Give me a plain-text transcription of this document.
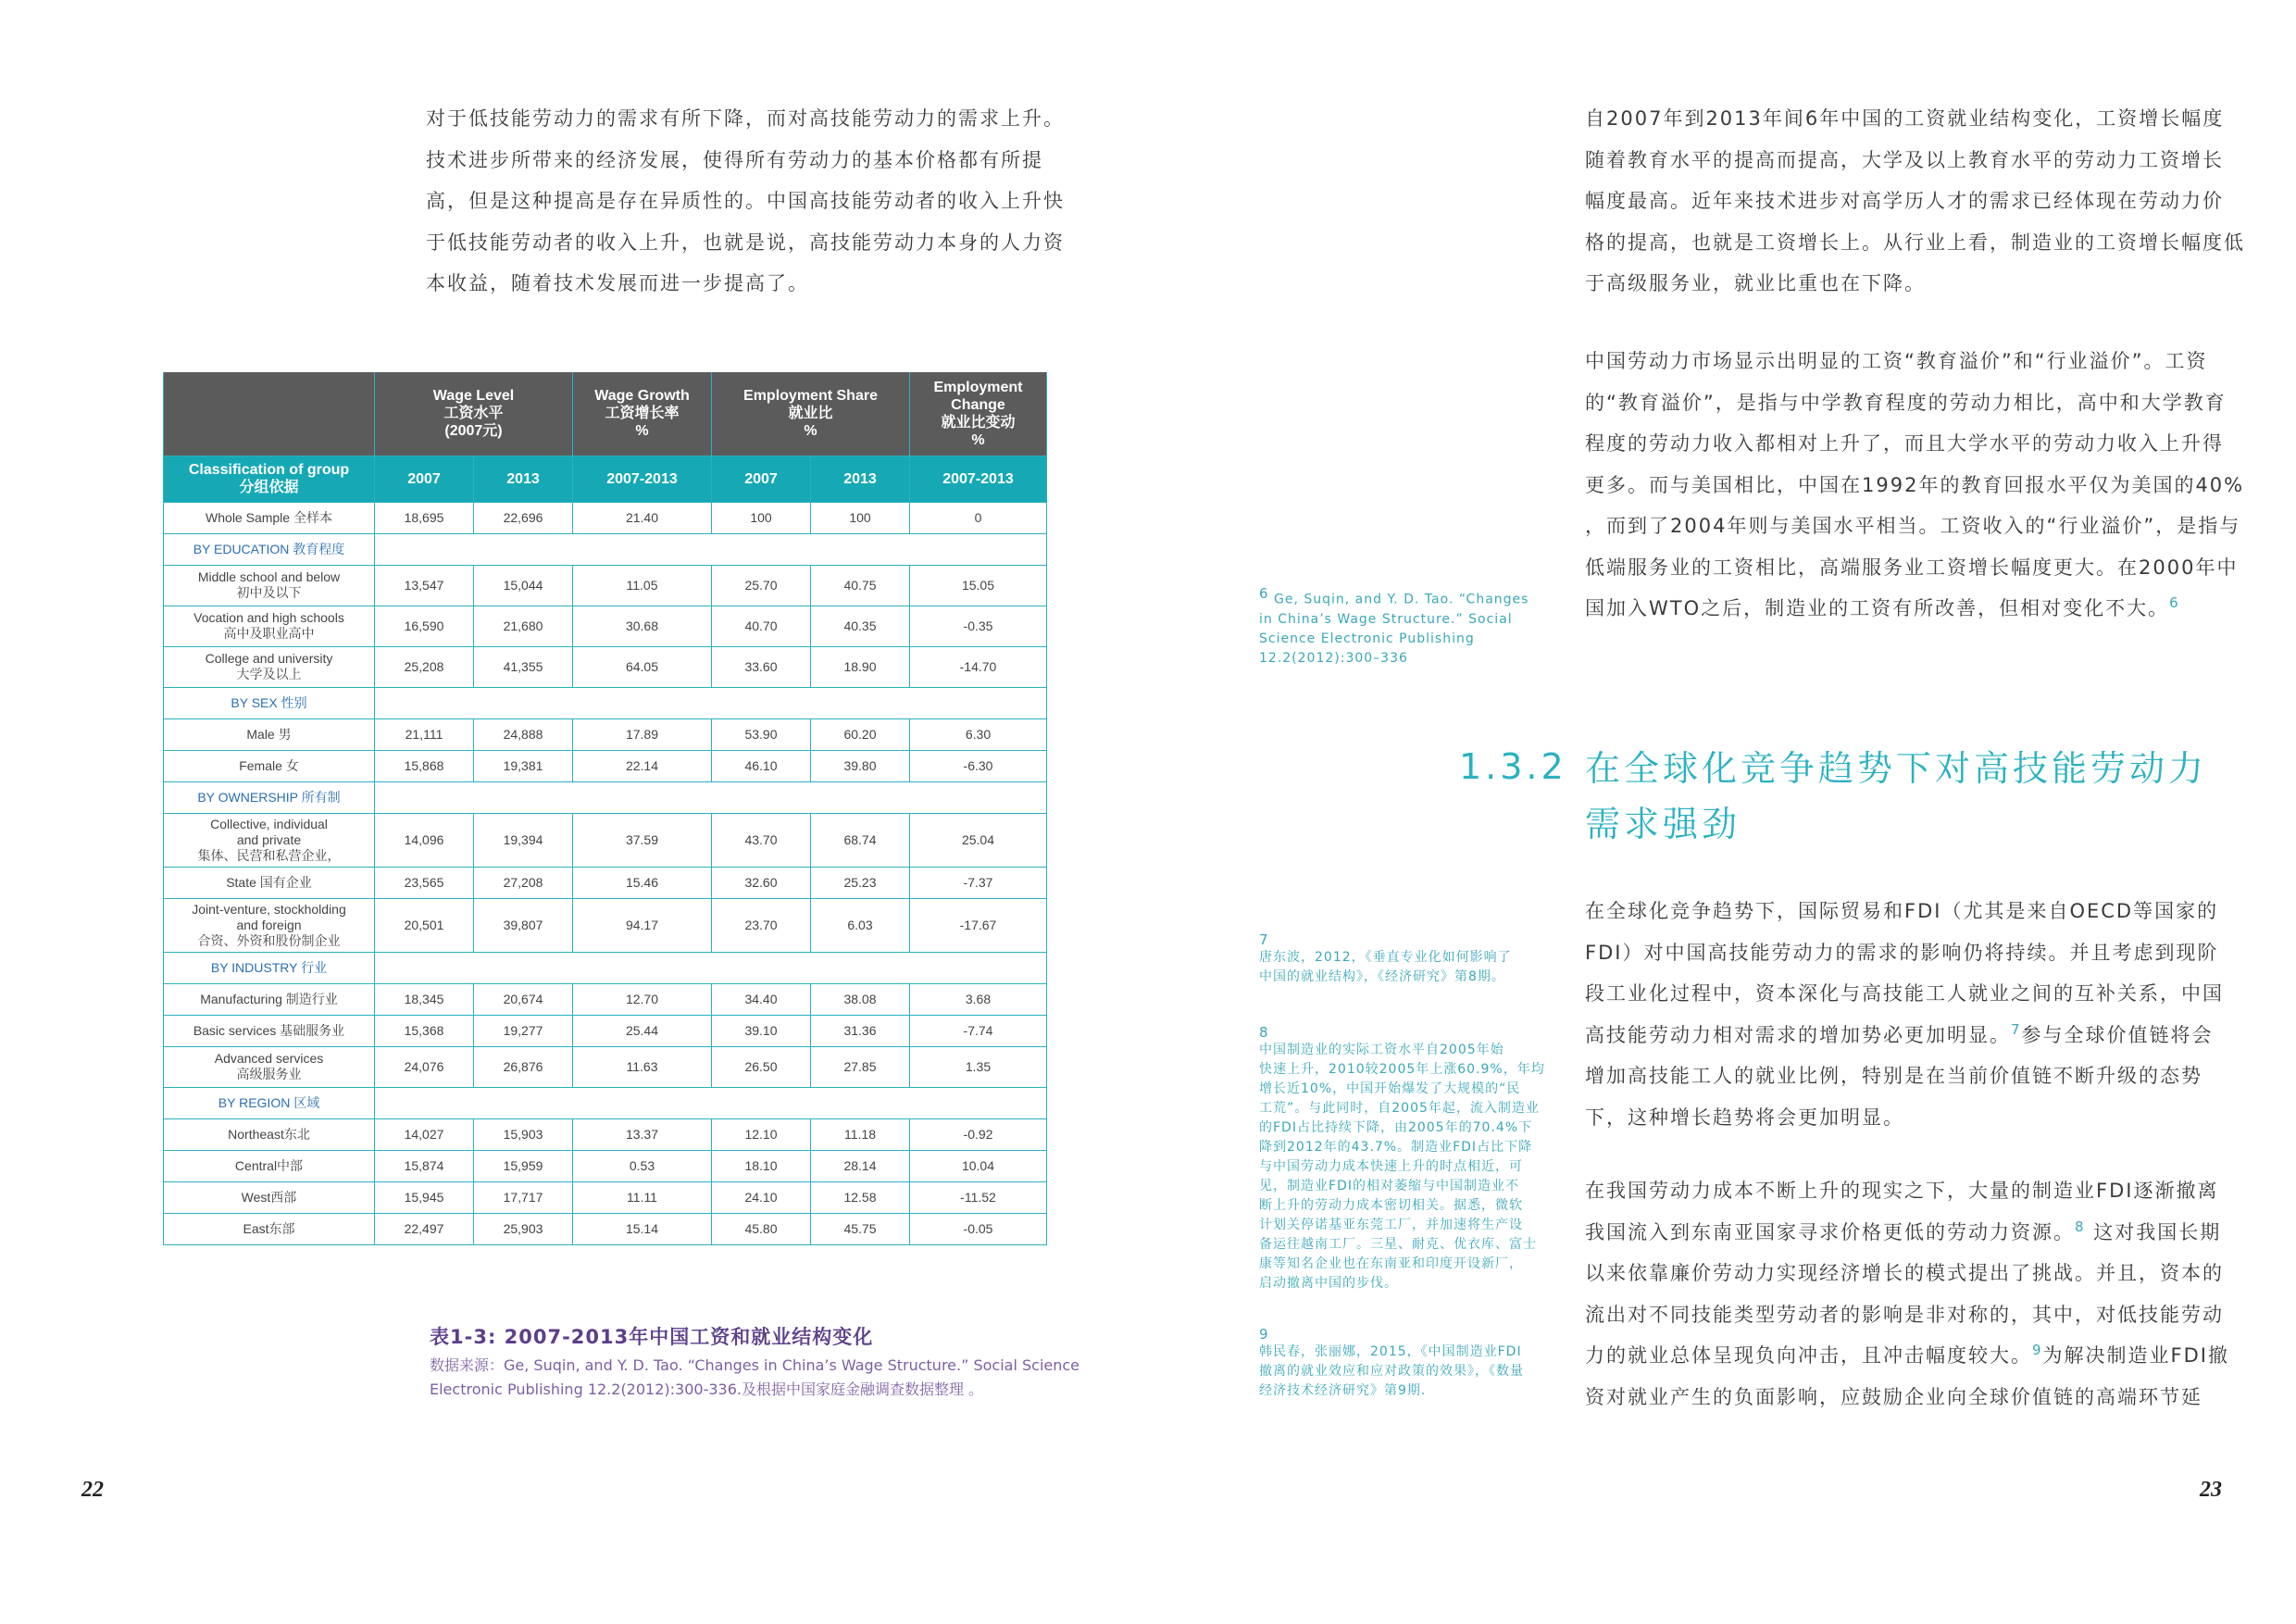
对于低技能劳动力的需求有所下降，而对高技能劳动力的需求上升。

技术进步所带来的经济发展，使得所有劳动力的基本价格都有所提

高，但是这种提高是存在异质性的。中国高技能劳动者的收入上升快

于低技能劳动者的收入上升，也就是说，高技能劳动力本身的人力资

本收益，随着技术发展而进一步提高了。

	Wage Level
工资水平
(2007元)		Wage Growth
工资增长率
%	Employment Share
就业比
%		Employment Change
就业比变动
%

Classification of group
分组依据	2007	2013	2007-2013	2007	2013	2007-2013

Whole Sample 全样本	18,695	22,696	21.40	100	100	0
BY EDUCATION 教育程度						

Middle school and below
初中及以下	13,547	15,044	11.05	25.70	40.75	15.05

Vocation and high schools
高中及职业高中	16,590	21,680	30.68	40.70	40.35	-0.35

College and university
大学及以上	25,208	41,355	64.05	33.60	18.90	-14.70
BY SEX 性别						

Male 男	21,111	24,888	17.89	53.90	60.20	6.30

Female 女	15,868	19,381	22.14	46.10	39.80	-6.30
BY OWNERSHIP 所有制						

Collective, individual
and private
集体、民营和私营企业，	14,096	19,394	37.59	43.70	68.74	25.04

State 国有企业	23,565	27,208	15.46	32.60	25.23	-7.37

Joint-venture, stockholding
and foreign
合资、外资和股份制企业	20,501	39,807	94.17	23.70	6.03	-17.67
BY INDUSTRY 行业						

Manufacturing 制造行业	18,345	20,674	12.70	34.40	38.08	3.68

Basic services 基础服务业	15,368	19,277	25.44	39.10	31.36	-7.74

Advanced services
高级服务业	24,076	26,876	11.63	26.50	27.85	1.35
BY REGION 区域						

Northeast东北	14,027	15,903	13.37	12.10	11.18	-0.92

Central中部	15,874	15,959	0.53	18.10	28.14	10.04

West西部	15,945	17,717	11.11	24.10	12.58	-11.52

East东部	22,497	25,903	15.14	45.80	45.75	-0.05
表1-3: 2007-2013年中国工资和就业结构变化
数据来源：Ge, Suqin, and Y. D. Tao. “Changes in China’s Wage Structure.” Social Science
Electronic Publishing 12.2(2012):300-336.及根据中国家庭金融调查数据整理 。
22

自2007年到2013年间6年中国的工资就业结构变化，工资增长幅度

随着教育水平的提高而提高，大学及以上教育水平的劳动力工资增长

幅度最高。近年来技术进步对高学历人才的需求已经体现在劳动力价

格的提高，也就是工资增长上。从行业上看，制造业的工资增长幅度低

于高级服务业，就业比重也在下降。

中国劳动力市场显示出明显的工资“教育溢价”和“行业溢价”。工资

的“教育溢价”，是指与中学教育程度的劳动力相比，高中和大学教育

程度的劳动力收入都相对上升了，而且大学水平的劳动力收入上升得

更多。而与美国相比，中国在1992年的教育回报水平仅为美国的40%

，而到了2004年则与美国水平相当。工资收入的“行业溢价”，是指与

低端服务业的工资相比，高端服务业工资增长幅度更大。在2000年中

国加入WTO之后，制造业的工资有所改善，但相对变化不大。$^6$

1.3.2 在全球化竞争趋势下对高技能劳动力
需求强劲

在全球化竞争趋势下，国际贸易和FDI（尤其是来自OECD等国家的

FDI）对中国高技能劳动力的需求的影响仍将持续。并且考虑到现阶

段工业化过程中，资本深化与高技能工人就业之间的互补关系，中国

高技能劳动力相对需求的增加势必更加明显。$^7$参与全球价值链将会

增加高技能工人的就业比例，特别是在当前价值链不断升级的态势

下，这种增长趋势将会更加明显。

在我国劳动力成本不断上升的现实之下，大量的制造业FDI逐渐撤离

我国流入到东南亚国家寻求价格更低的劳动力资源。$^8$ 这对我国长期

以来依靠廉价劳动力实现经济增长的模式提出了挑战。并且，资本的

流出对不同技能类型劳动者的影响是非对称的，其中，对低技能劳动

力的就业总体呈现负向冲击，且冲击幅度较大。$^9$为解决制造业FDI撤

资对就业产生的负面影响，应鼓励企业向全球价值链的高端环节延

6 Ge, Suqin, and Y. D. Tao. “Changes
in China’s Wage Structure.” Social
Science Electronic Publishing
12.2(2012):300–336
7
唐东波，2012，《垂直专业化如何影响了
中国的就业结构》，《经济研究》第8期。
8
中国制造业的实际工资水平自2005年始
快速上升，2010较2005年上涨60.9%，年均
增长近10%，中国开始爆发了大规模的“民
工荒”。与此同时，自2005年起，流入制造业
的FDI占比持续下降，由2005年的70.4%下
降到2012年的43.7%。制造业FDI占比下降
与中国劳动力成本快速上升的时点相近，可
见，制造业FDI的相对萎缩与中国制造业不
断上升的劳动力成本密切相关。据悉，微软
计划关停诺基亚东莞工厂，并加速将生产设
备运往越南工厂。三星、耐克、优衣库、富士
康等知名企业也在东南亚和印度开设新厂，
启动撤离中国的步伐。
9
韩民春，张丽娜，2015，《中国制造业FDI
撤离的就业效应和应对政策的效果》，《数量
经济技术经济研究》第9期.
23
